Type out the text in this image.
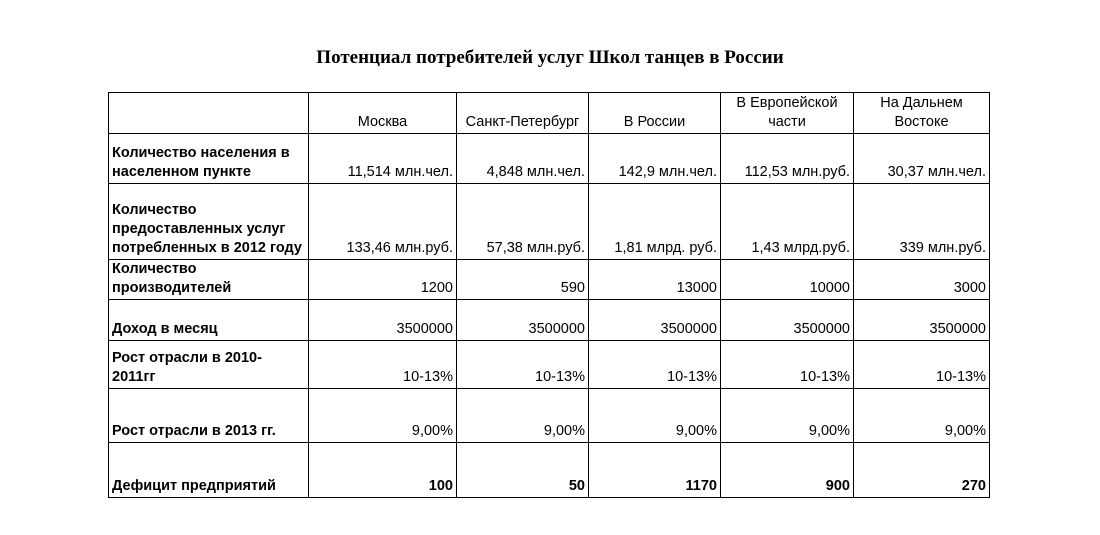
Потенциал потребителей услуг Школ танцев в России
	Москва	Санкт-Петербург	В России	В Европейской части	На Дальнем Востоке
Количество населения в населенном пункте	11,514 млн.чел.	4,848 млн.чел.	142,9 млн.чел.	112,53 млн.руб.	30,37 млн.чел.
Количество предоставленных услуг потребленных в 2012 году	133,46 млн.руб.	57,38 млн.руб.	1,81 млрд. руб.	1,43 млрд.руб.	339 млн.руб.
Количество производителей	1200	590	13000	10000	3000
Доход в месяц	3500000	3500000	3500000	3500000	3500000
Рост отрасли в 2010-2011гг	10-13%	10-13%	10-13%	10-13%	10-13%
Рост отрасли в 2013 гг.	9,00%	9,00%	9,00%	9,00%	9,00%
Дефицит предприятий	100	50	1170	900	270
